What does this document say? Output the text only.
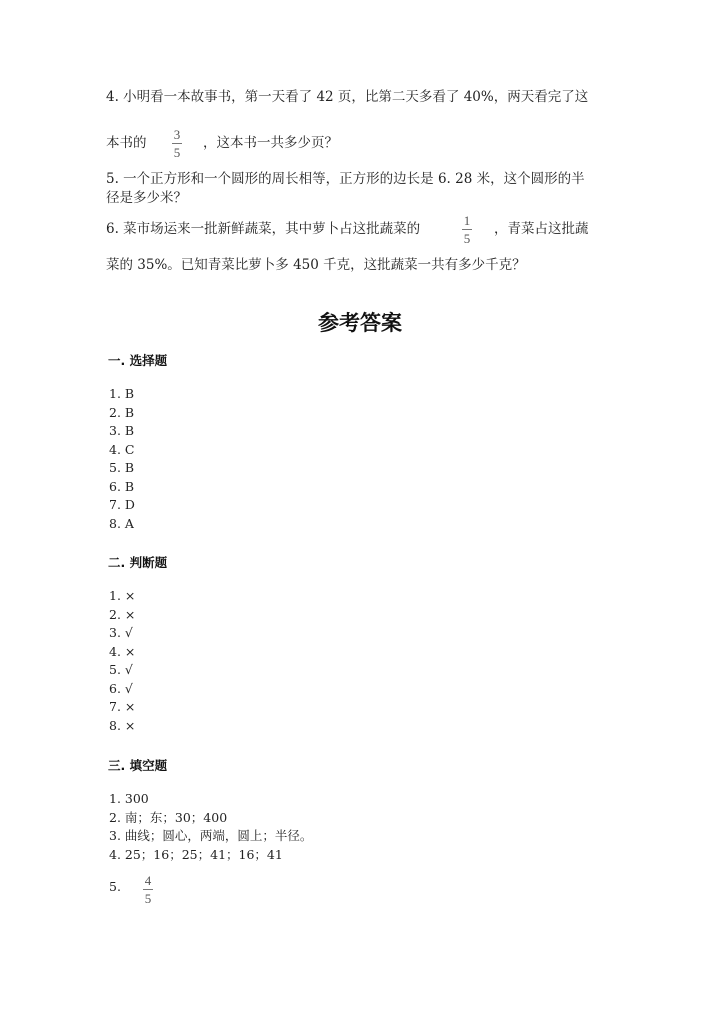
4. 小明看一本故事书，第一天看了 42 页，比第二天多看了 40%，两天看完了这
本书的
3
5
，这本书一共多少页？
5. 一个正方形和一个圆形的周长相等，正方形的边长是 6. 28 米，这个圆形的半
径是多少米？
6. 菜市场运来一批新鲜蔬菜，其中萝卜占这批蔬菜的
1
5
，青菜占这批蔬
菜的 35%。已知青菜比萝卜多 450 千克，这批蔬菜一共有多少千克？
参考答案
一. 选择题
1. B
2. B
3. B
4. C
5. B
6. B
7. D
8. A
二. 判断题
1. ×
2. ×
3. √
4. ×
5. √
6. √
7. ×
8. ×
三. 填空题
1. 300
2. 南；东；30；400
3. 曲线；圆心，两端，圆上；半径。
4. 25；16；25；41；16；41
5. 4
5
